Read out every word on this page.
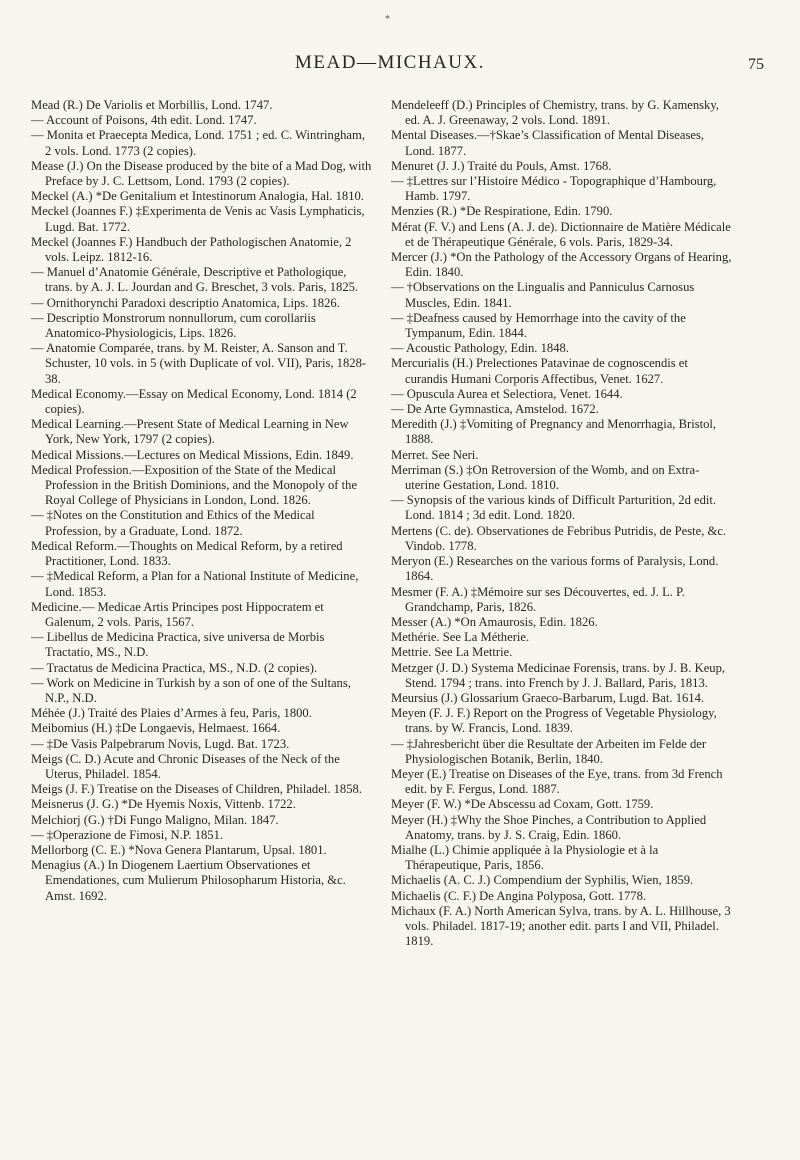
*
MEAD—MICHAUX.	75

Mead (R.) De Variolis et Morbillis, Lond. 1747.

— Account of Poisons, 4th edit. Lond. 1747.

— Monita et Praecepta Medica, Lond. 1751 ; ed. C. Wintringham, 2 vols. Lond. 1773 (2 copies).

Mease (J.) On the Disease produced by the bite of a Mad Dog, with Preface by J. C. Lettsom, Lond. 1793 (2 copies).

Meckel (A.) *De Genitalium et Intestinorum Analogia, Hal. 1810.

Meckel (Joannes F.) ‡Experimenta de Venis ac Vasis Lymphaticis, Lugd. Bat. 1772.

Meckel (Joannes F.) Handbuch der Pathologischen Anatomie, 2 vols. Leipz. 1812-16.

— Manuel d’Anatomie Générale, Descriptive et Pathologique, trans. by A. J. L. Jourdan and G. Breschet, 3 vols. Paris, 1825.

— Ornithorynchi Paradoxi descriptio Anatomica, Lips. 1826.

— Descriptio Monstrorum nonnullorum, cum corollariis Anatomico-Physiologicis, Lips. 1826.

— Anatomie Comparée, trans. by M. Reister, A. Sanson and T. Schuster, 10 vols. in 5 (with Duplicate of vol. VII), Paris, 1828-38.

Medical Economy.—Essay on Medical Economy, Lond. 1814 (2 copies).

Medical Learning.—Present State of Medical Learning in New York, New York, 1797 (2 copies).

Medical Missions.—Lectures on Medical Missions, Edin. 1849.

Medical Profession.—Exposition of the State of the Medical Profession in the British Dominions, and the Monopoly of the Royal College of Physicians in London, Lond. 1826.

— ‡Notes on the Constitution and Ethics of the Medical Profession, by a Graduate, Lond. 1872.

Medical Reform.—Thoughts on Medical Reform, by a retired Practitioner, Lond. 1833.

— ‡Medical Reform, a Plan for a National Institute of Medicine, Lond. 1853.

Medicine.— Medicae Artis Principes post Hippocratem et Galenum, 2 vols. Paris, 1567.

— Libellus de Medicina Practica, sive universa de Morbis Tractatio, MS., N.D.

— Tractatus de Medicina Practica, MS., N.D. (2 copies).

— Work on Medicine in Turkish by a son of one of the Sultans, N.P., N.D.

Méhée (J.) Traité des Plaies d’Armes à feu, Paris, 1800.

Meibomius (H.) ‡De Longaevis, Helmaest. 1664.

— ‡De Vasis Palpebrarum Novis, Lugd. Bat. 1723.

Meigs (C. D.) Acute and Chronic Diseases of the Neck of the Uterus, Philadel. 1854.

Meigs (J. F.) Treatise on the Diseases of Children, Philadel. 1858.

Meisnerus (J. G.) *De Hyemis Noxis, Vittenb. 1722.

Melchiorj (G.) †Di Fungo Maligno, Milan. 1847.

— ‡Operazione de Fimosi, N.P. 1851.

Mellorborg (C. E.) *Nova Genera Plantarum, Upsal. 1801.

Menagius (A.) In Diogenem Laertium Observationes et Emendationes, cum Mulierum Philosopharum Historia, &c. Amst. 1692.

Mendeleeff (D.) Principles of Chemistry, trans. by G. Kamensky, ed. A. J. Greenaway, 2 vols. Lond. 1891.

Mental Diseases.—†Skae’s Classification of Mental Diseases, Lond. 1877.

Menuret (J. J.) Traité du Pouls, Amst. 1768.

— ‡Lettres sur l’Histoire Médico - Topographique d’Hambourg, Hamb. 1797.

Menzies (R.) *De Respiratione, Edin. 1790.

Mérat (F. V.) and Lens (A. J. de). Dictionnaire de Matière Médicale et de Thérapeutique Générale, 6 vols. Paris, 1829-34.

Mercer (J.) *On the Pathology of the Accessory Organs of Hearing, Edin. 1840.

— †Observations on the Lingualis and Panniculus Carnosus Muscles, Edin. 1841.

— ‡Deafness caused by Hemorrhage into the cavity of the Tympanum, Edin. 1844.

— Acoustic Pathology, Edin. 1848.

Mercurialis (H.) Prelectiones Patavinae de cognoscendis et curandis Humani Corporis Affectibus, Venet. 1627.

— Opuscula Aurea et Selectiora, Venet. 1644.

— De Arte Gymnastica, Amstelod. 1672.

Meredith (J.) ‡Vomiting of Pregnancy and Menorrhagia, Bristol, 1888.

Merret. See Neri.

Merriman (S.) ‡On Retroversion of the Womb, and on Extra-uterine Gestation, Lond. 1810.

— Synopsis of the various kinds of Difficult Parturition, 2d edit. Lond. 1814 ; 3d edit. Lond. 1820.

Mertens (C. de). Observationes de Febribus Putridis, de Peste, &c. Vindob. 1778.

Meryon (E.) Researches on the various forms of Paralysis, Lond. 1864.

Mesmer (F. A.) ‡Mémoire sur ses Découvertes, ed. J. L. P. Grandchamp, Paris, 1826.

Messer (A.) *On Amaurosis, Edin. 1826.

Methérie. See La Métherie.

Mettrie. See La Mettrie.

Metzger (J. D.) Systema Medicinae Forensis, trans. by J. B. Keup, Stend. 1794 ; trans. into French by J. J. Ballard, Paris, 1813.

Meursius (J.) Glossarium Graeco-Barbarum, Lugd. Bat. 1614.

Meyen (F. J. F.) Report on the Progress of Vegetable Physiology, trans. by W. Francis, Lond. 1839.

— ‡Jahresbericht über die Resultate der Arbeiten im Felde der Physiologischen Botanik, Berlin, 1840.

Meyer (E.) Treatise on Diseases of the Eye, trans. from 3d French edit. by F. Fergus, Lond. 1887.

Meyer (F. W.) *De Abscessu ad Coxam, Gott. 1759.

Meyer (H.) ‡Why the Shoe Pinches, a Contribution to Applied Anatomy, trans. by J. S. Craig, Edin. 1860.

Mialhe (L.) Chimie appliquée à la Physiologie et à la Thérapeutique, Paris, 1856.

Michaelis (A. C. J.) Compendium der Syphilis, Wien, 1859.

Michaelis (C. F.) De Angina Polyposa, Gott. 1778.

Michaux (F. A.) North American Sylva, trans. by A. L. Hillhouse, 3 vols. Philadel. 1817-19; another edit. parts I and VII, Philadel. 1819.
